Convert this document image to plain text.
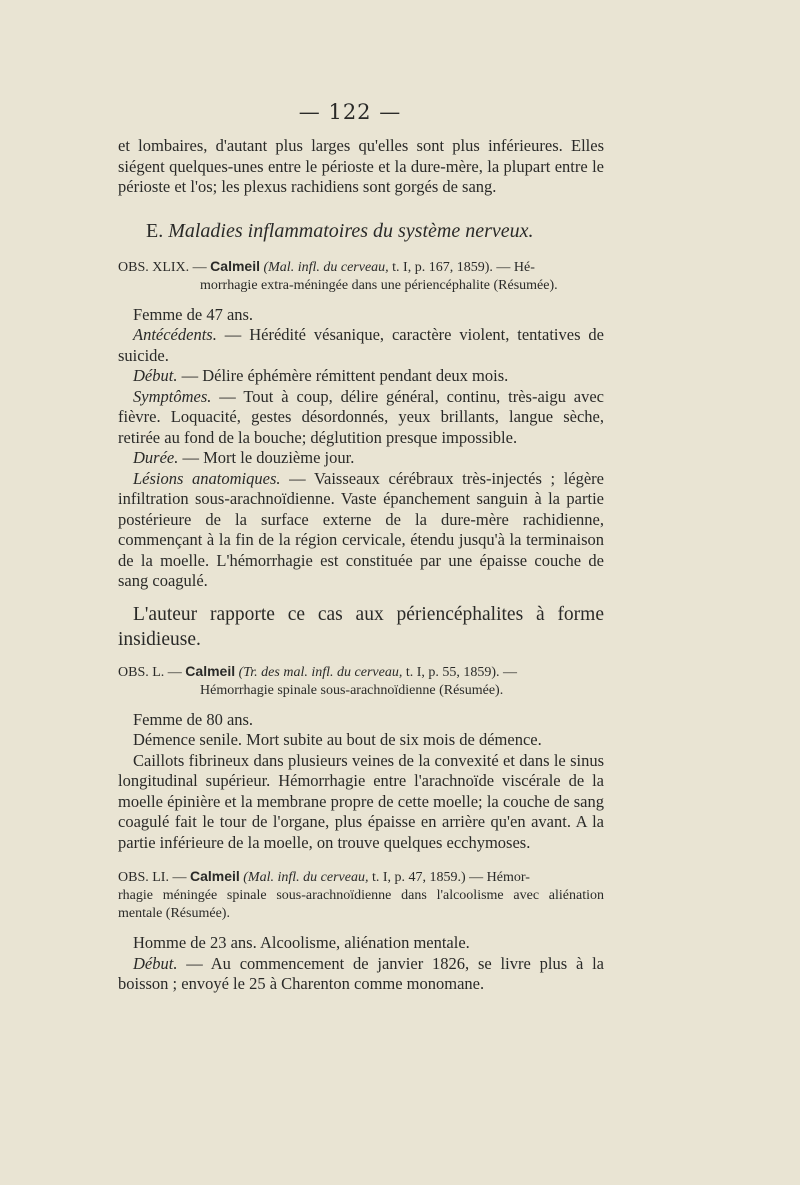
— 122 —

et lombaires, d'autant plus larges qu'elles sont plus inférieures. Elles siégent quelques-unes entre le périoste et la dure-mère, la plupart entre le périoste et l'os; les plexus rachidiens sont gorgés de sang.

E. Maladies inflammatoires du système nerveux.
OBS. XLIX. — Calmeil (Mal. infl. du cerveau, t. I, p. 167, 1859). — Hé-
morrhagie extra-méningée dans une périencéphalite (Résumée).

Femme de 47 ans.

Antécédents. — Hérédité vésanique, caractère violent, tentatives de suicide.

Début. — Délire éphémère rémittent pendant deux mois.

Symptômes. — Tout à coup, délire général, continu, très-aigu avec fièvre. Loquacité, gestes désordonnés, yeux brillants, langue sèche, retirée au fond de la bouche; déglutition presque impossible.

Durée. — Mort le douzième jour.

Lésions anatomiques. — Vaisseaux cérébraux très-injectés ; légère infiltration sous-arachnoïdienne. Vaste épanchement sanguin à la partie postérieure de la surface externe de la dure-mère rachidienne, commençant à la fin de la région cervicale, étendu jusqu'à la terminaison de la moelle. L'hémorrhagie est constituée par une épaisse couche de sang coagulé.

L'auteur rapporte ce cas aux périencéphalites à forme insidieuse.

OBS. L. — Calmeil (Tr. des mal. infl. du cerveau, t. I, p. 55, 1859). —
Hémorrhagie spinale sous-arachnoïdienne (Résumée).

Femme de 80 ans.

Démence senile. Mort subite au bout de six mois de démence.

Caillots fibrineux dans plusieurs veines de la convexité et dans le sinus longitudinal supérieur. Hémorrhagie entre l'arachnoïde viscérale de la moelle épinière et la membrane propre de cette moelle; la couche de sang coagulé fait le tour de l'organe, plus épaisse en arrière qu'en avant. A la partie inférieure de la moelle, on trouve quelques ecchymoses.

OBS. LI. — Calmeil (Mal. infl. du cerveau, t. I, p. 47, 1859.) — Hémor-
rhagie méningée spinale sous-arachnoïdienne dans l'alcoolisme avec aliénation mentale (Résumée).

Homme de 23 ans. Alcoolisme, aliénation mentale.

Début. — Au commencement de janvier 1826, se livre plus à la boisson ; envoyé le 25 à Charenton comme monomane.
